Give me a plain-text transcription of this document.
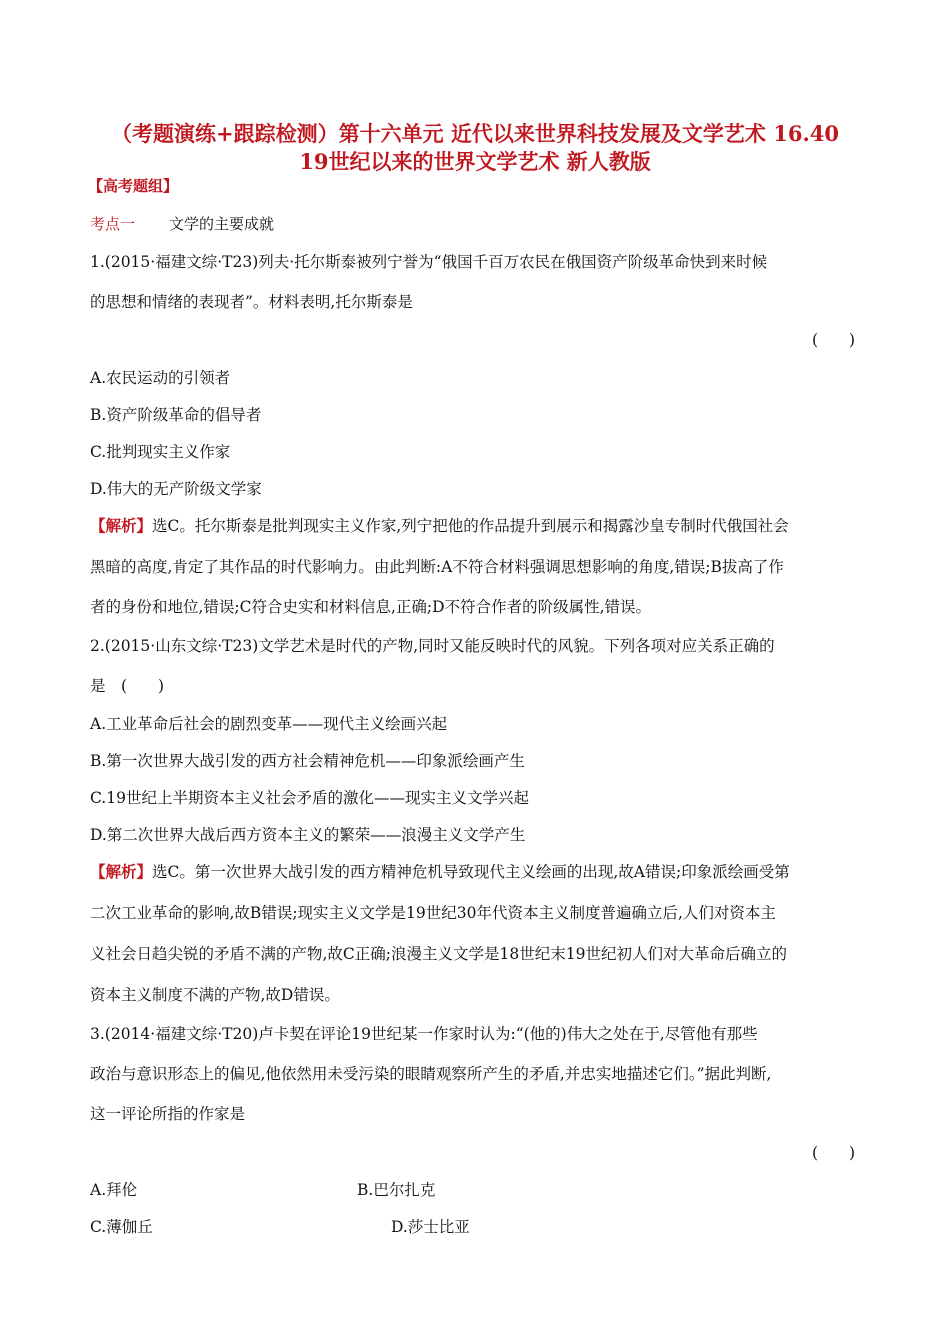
（考题演练+跟踪检测）第十六单元 近代以来世界科技发展及文学艺术 16.40
19世纪以来的世界文学艺术 新人教版
【高考题组】
考点一 文学的主要成就
1.(2015·福建文综·T23)列夫·托尔斯泰被列宁誉为“俄国千百万农民在俄国资产阶级革命快到来时候
的思想和情绪的表现者”。材料表明,托尔斯泰是
(　　)
A.农民运动的引领者
B.资产阶级革命的倡导者
C.批判现实主义作家
D.伟大的无产阶级文学家
【解析】选C。托尔斯泰是批判现实主义作家,列宁把他的作品提升到展示和揭露沙皇专制时代俄国社会
黑暗的高度,肯定了其作品的时代影响力。由此判断:A不符合材料强调思想影响的角度,错误;B拔高了作
者的身份和地位,错误;C符合史实和材料信息,正确;D不符合作者的阶级属性,错误。
2.(2015·山东文综·T23)文学艺术是时代的产物,同时又能反映时代的风貌。下列各项对应关系正确的
是　(　　)
A.工业革命后社会的剧烈变革——现代主义绘画兴起
B.第一次世界大战引发的西方社会精神危机——印象派绘画产生
C.19世纪上半期资本主义社会矛盾的激化——现实主义文学兴起
D.第二次世界大战后西方资本主义的繁荣——浪漫主义文学产生
【解析】选C。第一次世界大战引发的西方精神危机导致现代主义绘画的出现,故A错误;印象派绘画受第
二次工业革命的影响,故B错误;现实主义文学是19世纪30年代资本主义制度普遍确立后,人们对资本主
义社会日趋尖锐的矛盾不满的产物,故C正确;浪漫主义文学是18世纪末19世纪初人们对大革命后确立的
资本主义制度不满的产物,故D错误。
3.(2014·福建文综·T20)卢卡契在评论19世纪某一作家时认为:“(他的)伟大之处在于,尽管他有那些
政治与意识形态上的偏见,他依然用未受污染的眼睛观察所产生的矛盾,并忠实地描述它们。”据此判断,
这一评论所指的作家是
(　　)
A.拜伦	B.巴尔扎克
C.薄伽丘	D.莎士比亚
